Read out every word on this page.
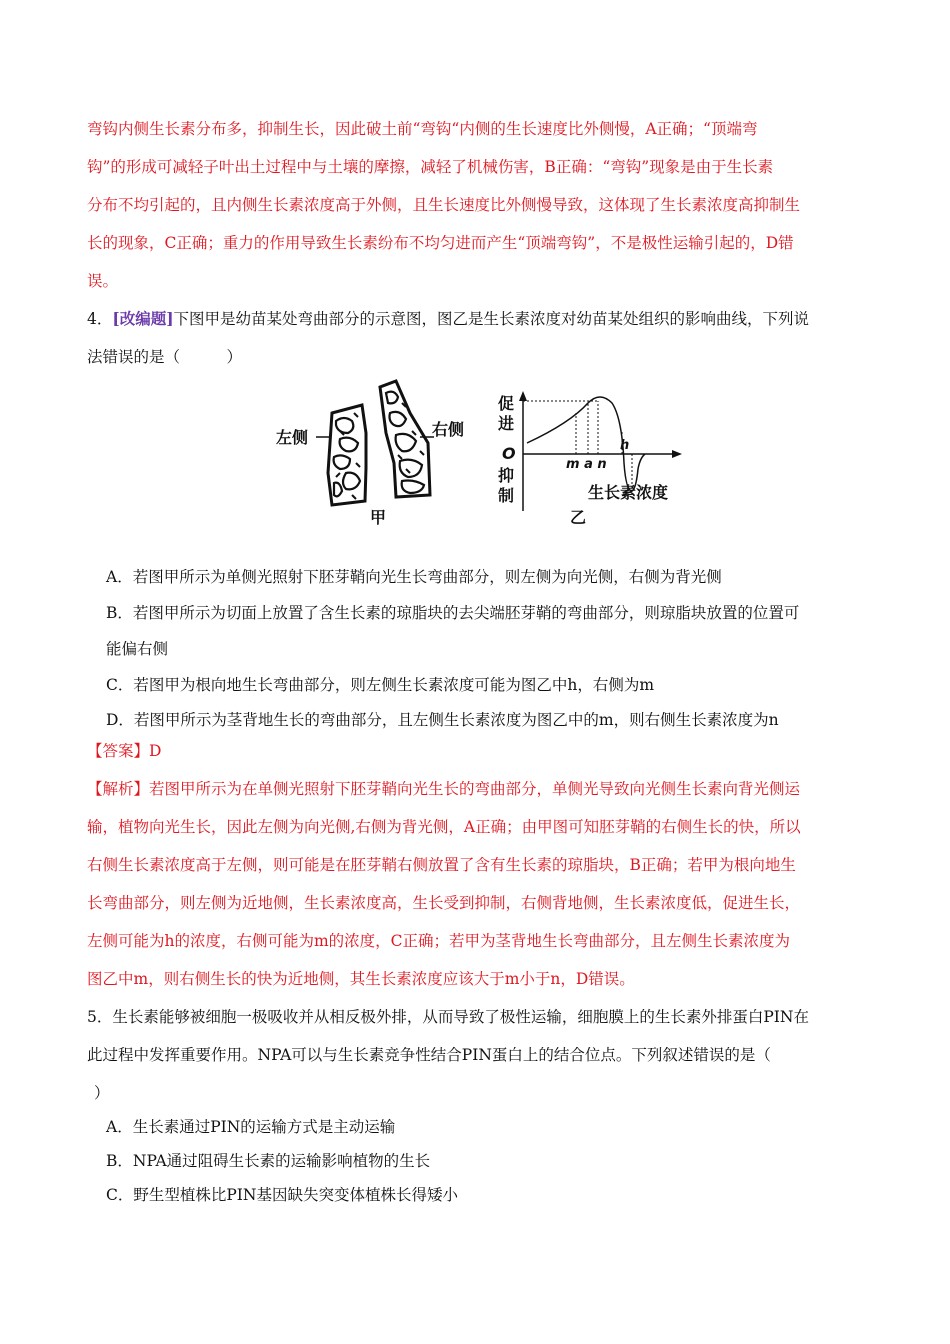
弯钩内侧生长素分布多，抑制生长，因此破土前“弯钩“内侧的生长速度比外侧慢，A正确；“顶端弯
钩”的形成可减轻子叶出土过程中与土壤的摩擦，减轻了机械伤害，B正确：“弯钩”现象是由于生长素
分布不均引起的，且内侧生长素浓度高于外侧，且生长速度比外侧慢导致，这体现了生长素浓度高抑制生
长的现象，C正确；重力的作用导致生长素纷布不均匀进而产生“顶端弯钩”，不是极性运输引起的，D错
误。
4．[改编题]下图甲是幼苗某处弯曲部分的示意图，图乙是生长素浓度对幼苗某处组织的影响曲线，下列说
法错误的是（　　　）
左侧	右侧
甲
促
进
O
抑
制
m a n
h
生长素浓度
乙
A．若图甲所示为单侧光照射下胚芽鞘向光生长弯曲部分，则左侧为向光侧，右侧为背光侧
B．若图甲所示为切面上放置了含生长素的琼脂块的去尖端胚芽鞘的弯曲部分，则琼脂块放置的位置可
能偏右侧
C．若图甲为根向地生长弯曲部分，则左侧生长素浓度可能为图乙中h，右侧为m
D．若图甲所示为茎背地生长的弯曲部分，且左侧生长素浓度为图乙中的m，则右侧生长素浓度为n
【答案】D
【解析】若图甲所示为在单侧光照射下胚芽鞘向光生长的弯曲部分，单侧光导致向光侧生长素向背光侧运
输，植物向光生长，因此左侧为向光侧,右侧为背光侧，A正确；由甲图可知胚芽鞘的右侧生长的快，所以
右侧生长素浓度高于左侧，则可能是在胚芽鞘右侧放置了含有生长素的琼脂块，B正确；若甲为根向地生
长弯曲部分，则左侧为近地侧，生长素浓度高，生长受到抑制，右侧背地侧，生长素浓度低，促进生长，
左侧可能为h的浓度，右侧可能为m的浓度，C正确；若甲为茎背地生长弯曲部分，且左侧生长素浓度为
图乙中m，则右侧生长的快为近地侧，其生长素浓度应该大于m小于n，D错误。
5．生长素能够被细胞一极吸收并从相反极外排，从而导致了极性运输，细胞膜上的生长素外排蛋白PIN在
此过程中发挥重要作用。NPA可以与生长素竞争性结合PIN蛋白上的结合位点。下列叙述错误的是（
）
A．生长素通过PIN的运输方式是主动运输
B．NPA通过阻碍生长素的运输影响植物的生长
C．野生型植株比PIN基因缺失突变体植株长得矮小
